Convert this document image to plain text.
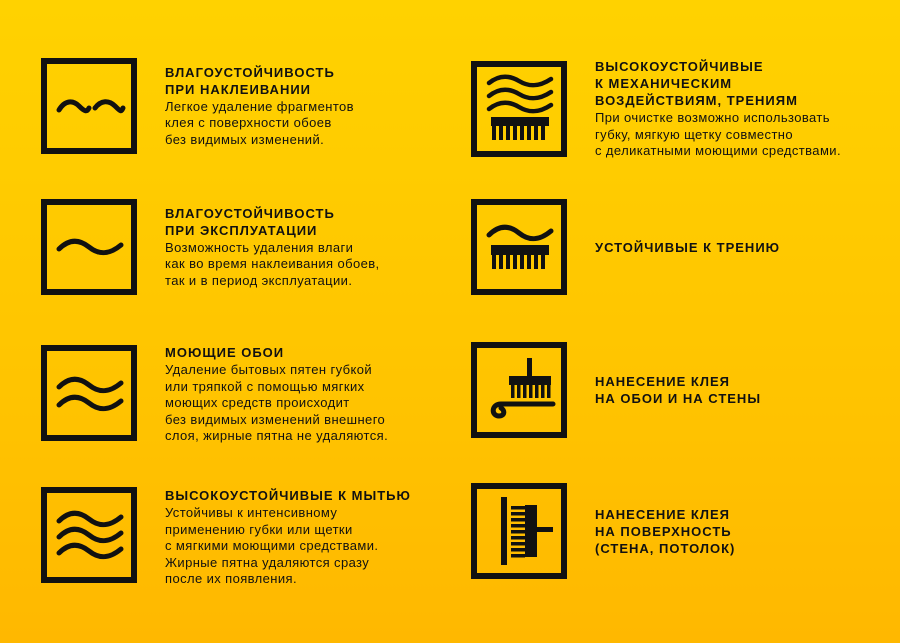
ВЛАГОУСТОЙЧИВОСТЬ
ПРИ НАКЛЕИВАНИИ
Легкое удаление фрагментов
клея с поверхности обоев
без видимых изменений.
ВЛАГОУСТОЙЧИВОСТЬ
ПРИ ЭКСПЛУАТАЦИИ
Возможность удаления влаги
как во время наклеивания обоев,
так и в период эксплуатации.
МОЮЩИЕ ОБОИ
Удаление бытовых пятен губкой
или тряпкой с помощью мягких
моющих средств происходит
без видимых изменений внешнего
слоя, жирные пятна не удаляются.
ВЫСОКОУСТОЙЧИВЫЕ К МЫТЬЮ
Устойчивы к интенсивному
применению губки или щетки
с мягкими моющими средствами.
Жирные пятна удаляются сразу
после их появления.
ВЫСОКОУСТОЙЧИВЫЕ
К МЕХАНИЧЕСКИМ
ВОЗДЕЙСТВИЯМ, ТРЕНИЯМ
При очистке возможно использовать
губку, мягкую щетку совместно
с деликатными моющими средствами.
УСТОЙЧИВЫЕ К ТРЕНИЮ
НАНЕСЕНИЕ КЛЕЯ
НА ОБОИ И НА СТЕНЫ
НАНЕСЕНИЕ КЛЕЯ
НА ПОВЕРХНОСТЬ
(СТЕНА, ПОТОЛОК)
